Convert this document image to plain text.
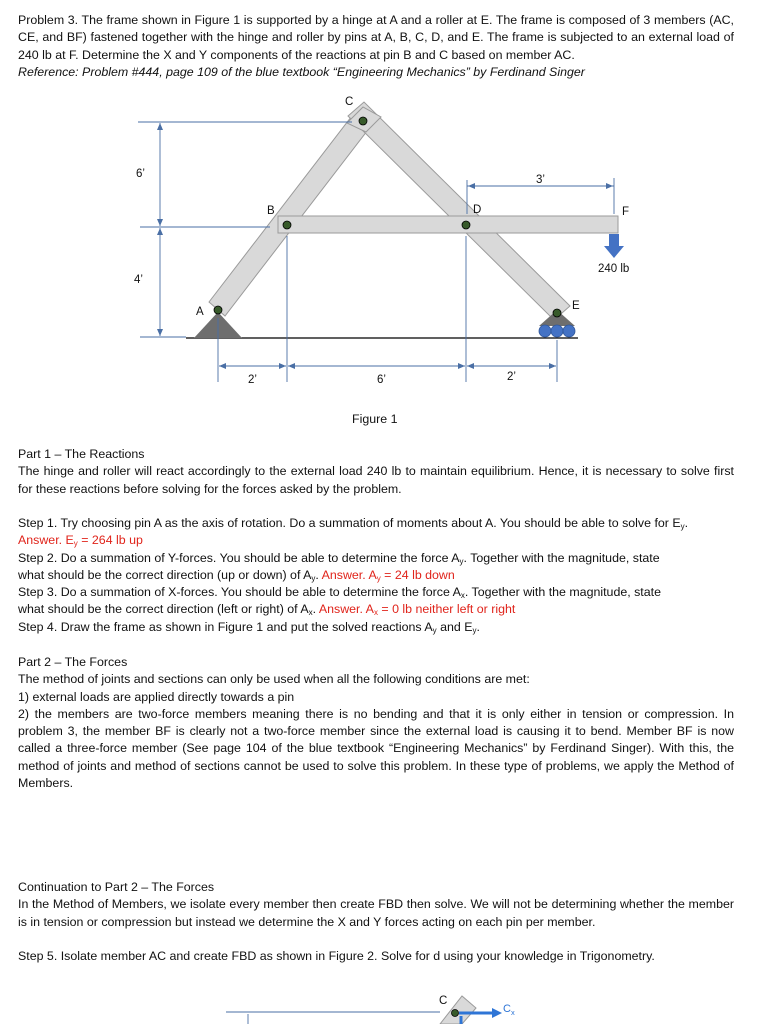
Problem 3. The frame shown in Figure 1 is supported by a hinge at A and a roller at E. The frame is composed of 3 members (AC, CE, and BF) fastened together with the hinge and roller by pins at A, B, C, D, and E. The frame is subjected to an external load of 240 lb at F. Determine the X and Y components of the reactions at pin B and C based on member AC.
Reference: Problem #444, page 109 of the blue textbook “Engineering Mechanics” by Ferdinand Singer

C
B	D	F
A	E
6’
4’
3’
2’	6’	2’
240 lb
Figure 1

Part 1 – The Reactions
The hinge and roller will react accordingly to the external load 240 lb to maintain equilibrium. Hence, it is necessary to solve first for these reactions before solving for the forces asked by the problem.

Step 1. Try choosing pin A as the axis of rotation. Do a summation of moments about A. You should be able to solve for $E_y$.
Answer. $E_y = 264$ lb up
Step 2. Do a summation of Y-forces. You should be able to determine the force $A_y$. Together with the magnitude, state
what should be the correct direction (up or down) of $A_y$. Answer. $A_y = 24$ lb down
Step 3. Do a summation of X-forces. You should be able to determine the force $A_x$. Together with the magnitude, state
what should be the correct direction (left or right) of $A_x$. Answer. $A_x = 0$ lb neither left or right
Step 4. Draw the frame as shown in Figure 1 and put the solved reactions $A_y$ and $E_y$.

Part 2 – The Forces
The method of joints and sections can only be used when all the following conditions are met:
1) external loads are applied directly towards a pin
2) the members are two-force members meaning there is no bending and that it is only either in tension or compression. In problem 3, the member BF is clearly not a two-force member since the external load is causing it to bend. Member BF is now called a three-force member (See page 104 of the blue textbook “Engineering Mechanics” by Ferdinand Singer). With this, the method of joints and method of sections cannot be used to solve this problem. In these type of problems, we apply the Method of Members.

Continuation to Part 2 – The Forces
In the Method of Members, we isolate every member then create FBD then solve. We will not be determining whether the member is in tension or compression but instead we determine the X and Y forces acting on each pin per member.

Step 5. Isolate member AC and create FBD as shown in Figure 2. Solve for d using your knowledge in Trigonometry.

C
$C_x$
